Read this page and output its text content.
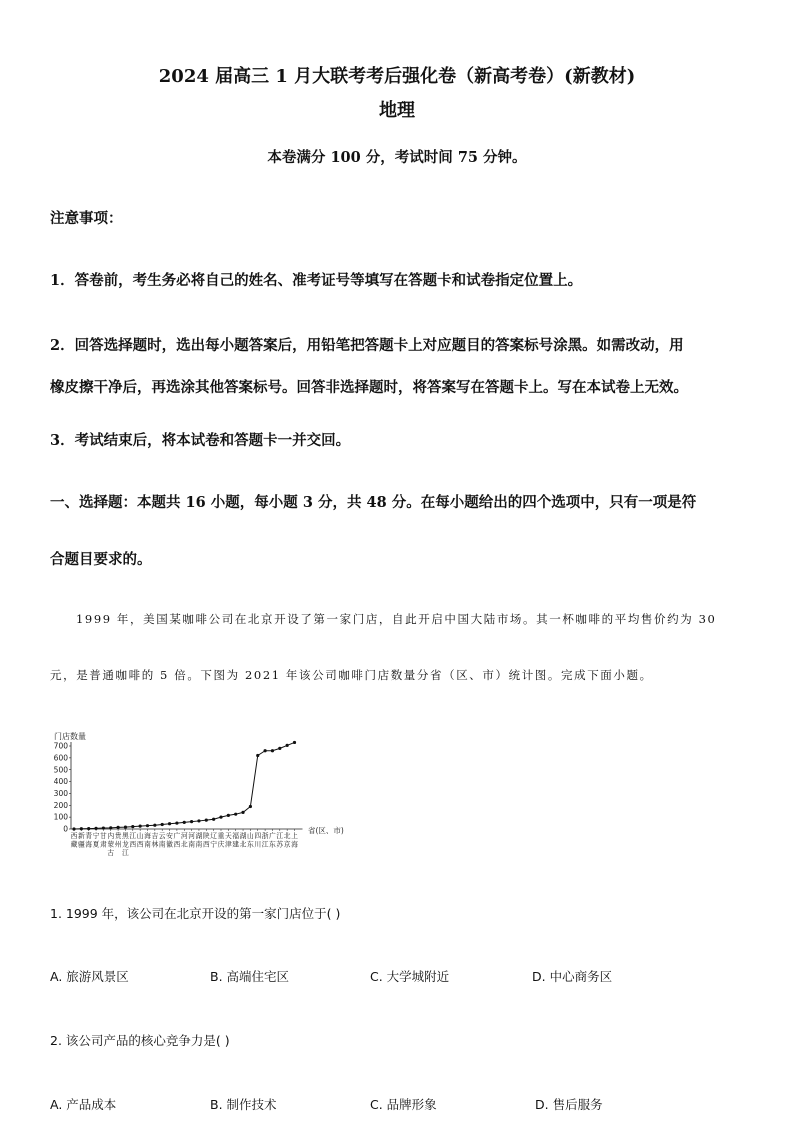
2024 届高三 1 月大联考考后强化卷（新高考卷）(新教材)
地理
本卷满分 100 分，考试时间 75 分钟。
注意事项：
1．答卷前，考生务必将自己的姓名、准考证号等填写在答题卡和试卷指定位置上。
2．回答选择题时，选出每小题答案后，用铅笔把答题卡上对应题目的答案标号涂黑。如需改动，用
橡皮擦干净后，再选涂其他答案标号。回答非选择题时，将答案写在答题卡上。写在本试卷上无效。
3．考试结束后，将本试卷和答题卡一并交回。
一、选择题：本题共 16 小题，每小题 3 分，共 48 分。在每小题给出的四个选项中，只有一项是符
合题目要求的。
1999 年，美国某咖啡公司在北京开设了第一家门店，自此开启中国大陆市场。其一杯咖啡的平均售价约为 30
元，是普通咖啡的 5 倍。下图为 2021 年该公司咖啡门店数量分省（区、市）统计图。完成下面小题。
门店数量
省(区、市)
0
100
200
300
400
500
600
700
西
藏
新
疆
青
海
宁
夏
甘
肃
内
蒙
古
贵
州
黑
龙
江
江
西
山
西
海
南
吉
林
云
南
安
徽
广
西
河
北
河
南
湖
南
陕
西
辽
宁
重
庆
天
津
福
建
湖
北
山
东
四
川
浙
江
广
东
江
苏
北
京
上
海
1. 1999 年，该公司在北京开设的第一家门店位于( )
A. 旅游风景区	B. 高端住宅区	C. 大学城附近	D. 中心商务区
2. 该公司产品的核心竞争力是( )
A. 产品成本	B. 制作技术	C. 品牌形象	D. 售后服务
